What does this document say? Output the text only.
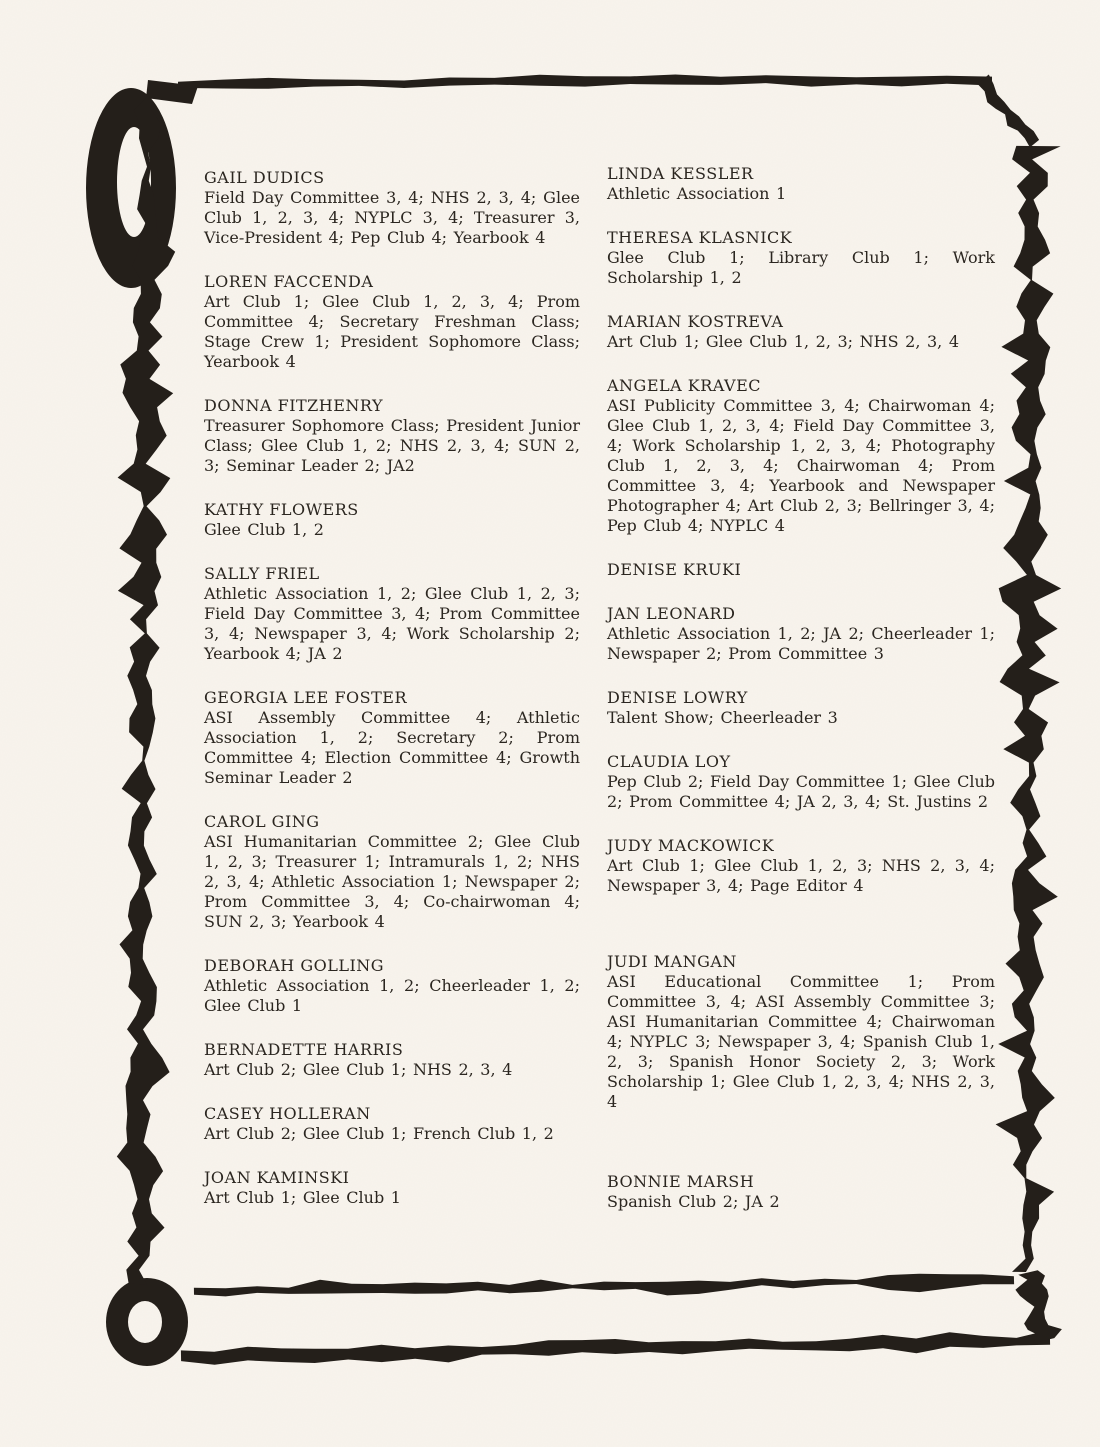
GAIL DUDICS
Field Day Committee 3, 4; NHS 2, 3, 4; Glee Club 1, 2, 3, 4; NYPLC 3, 4; Treasurer 3, Vice-President 4; Pep Club 4; Yearbook 4
LOREN FACCENDA
Art Club 1; Glee Club 1, 2, 3, 4; Prom Committee 4; Secretary Freshman Class; Stage Crew 1; President Sophomore Class; Yearbook 4
DONNA FITZHENRY
Treasurer Sophomore Class; President Junior Class; Glee Club 1, 2; NHS 2, 3, 4; SUN 2, 3; Seminar Leader 2; JA2
KATHY FLOWERS
Glee Club 1, 2
SALLY FRIEL
Athletic Association 1, 2; Glee Club 1, 2, 3; Field Day Committee 3, 4; Prom Committee 3, 4; Newspaper 3, 4; Work Scholarship 2; Yearbook 4; JA 2
GEORGIA LEE FOSTER
ASI Assembly Committee 4; Athletic Association 1, 2; Secretary 2; Prom Committee 4; Election Committee 4; Growth Seminar Leader 2
CAROL GING
ASI Humanitarian Committee 2; Glee Club 1, 2, 3; Treasurer 1; Intramurals 1, 2; NHS 2, 3, 4; Athletic Association 1; Newspaper 2; Prom Committee 3, 4; Co-chairwoman 4; SUN 2, 3; Yearbook 4
DEBORAH GOLLING
Athletic Association 1, 2; Cheerleader 1, 2; Glee Club 1
BERNADETTE HARRIS
Art Club 2; Glee Club 1; NHS 2, 3, 4
CASEY HOLLERAN
Art Club 2; Glee Club 1; French Club 1, 2
JOAN KAMINSKI
Art Club 1; Glee Club 1
LINDA KESSLER
Athletic Association 1
THERESA KLASNICK
Glee Club 1; Library Club 1; Work Scholarship 1, 2
MARIAN KOSTREVA
Art Club 1; Glee Club 1, 2, 3; NHS 2, 3, 4
ANGELA KRAVEC
ASI Publicity Committee 3, 4; Chairwoman 4; Glee Club 1, 2, 3, 4; Field Day Committee 3, 4; Work Scholarship 1, 2, 3, 4; Photography Club 1, 2, 3, 4; Chairwoman 4; Prom Committee 3, 4; Yearbook and Newspaper Photographer 4; Art Club 2, 3; Bellringer 3, 4; Pep Club 4; NYPLC 4
DENISE KRUKI
JAN LEONARD
Athletic Association 1, 2; JA 2; Cheerleader 1; Newspaper 2; Prom Committee 3
DENISE LOWRY
Talent Show; Cheerleader 3
CLAUDIA LOY
Pep Club 2; Field Day Committee 1; Glee Club 2; Prom Committee 4; JA 2, 3, 4; St. Justins 2
JUDY MACKOWICK
Art Club 1; Glee Club 1, 2, 3; NHS 2, 3, 4; Newspaper 3, 4; Page Editor 4
JUDI MANGAN
ASI Educational Committee 1; Prom Committee 3, 4; ASI Assembly Committee 3; ASI Humanitarian Committee 4; Chairwoman 4; NYPLC 3; Newspaper 3, 4; Spanish Club 1, 2, 3; Spanish Honor Society 2, 3; Work Scholarship 1; Glee Club 1, 2, 3, 4; NHS 2, 3, 4
BONNIE MARSH
Spanish Club 2; JA 2
